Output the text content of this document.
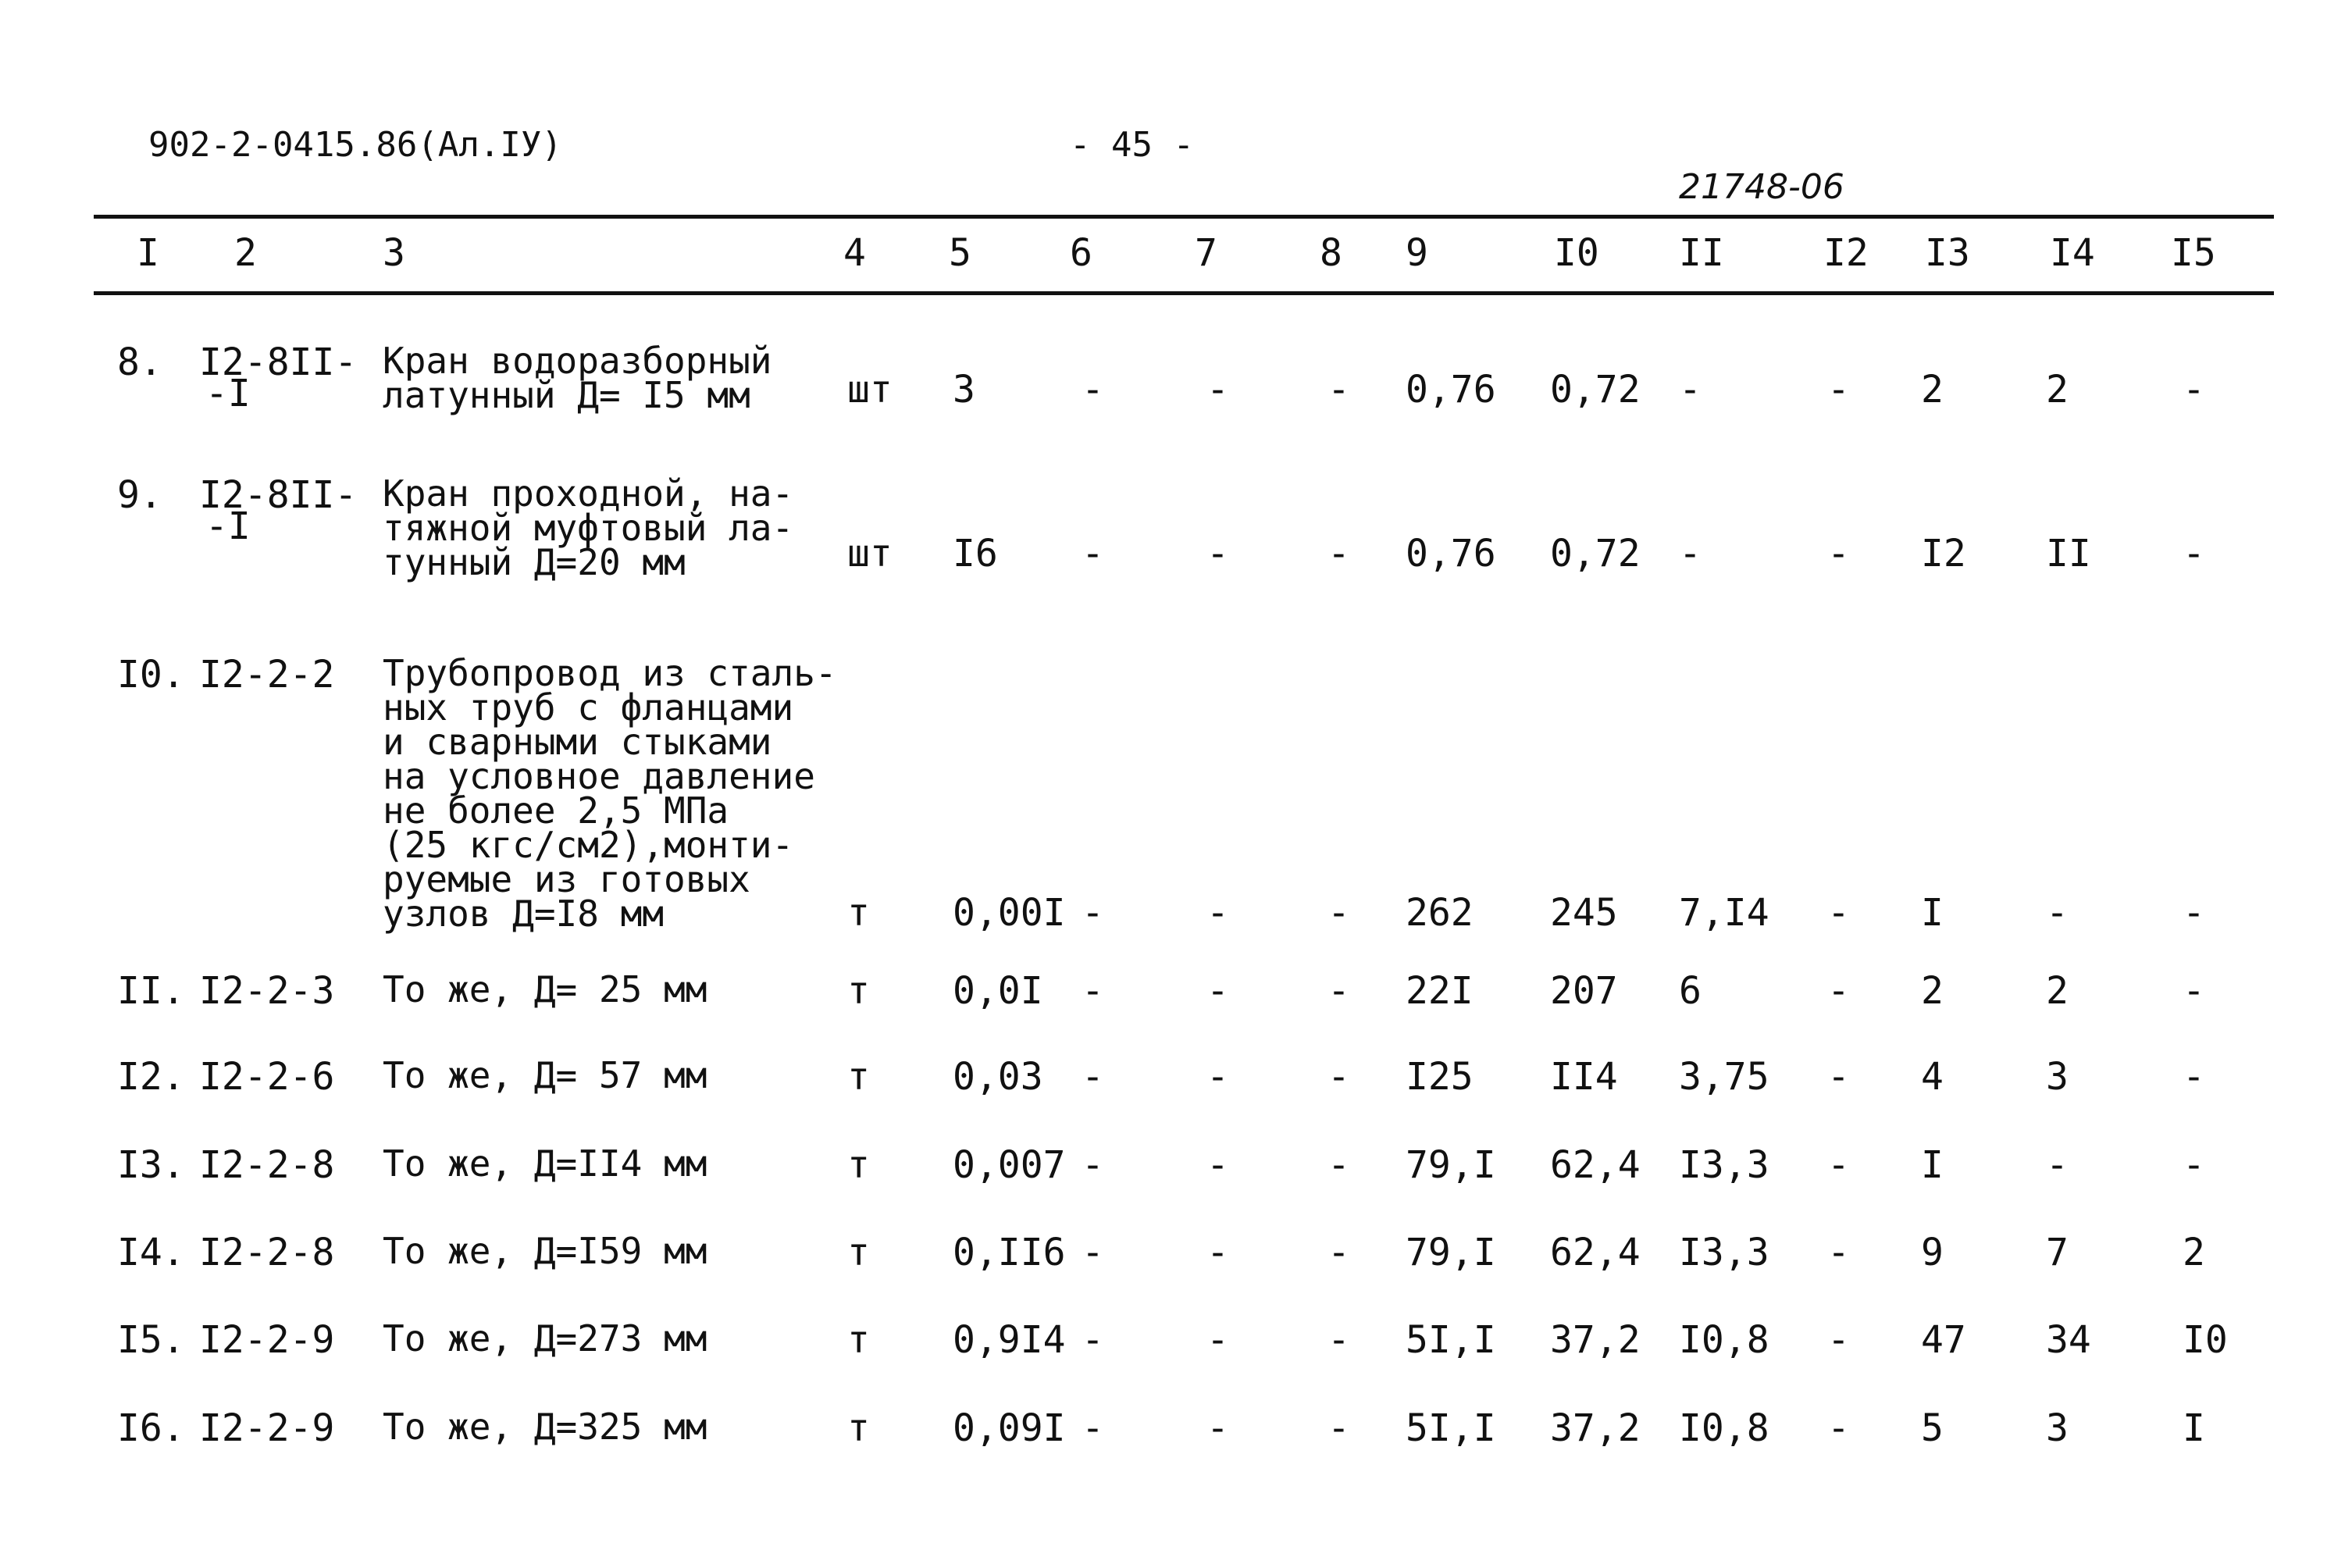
902-2-0415.86(Ал.IУ)	- 45 -
21748-06
I 2	3	4 5	6	7	8 9	I0 II	I2 I3 I4 I5
8. I2-8II-
-I
Кран водоразборный
латунный Д= I5 мм	шт 3	-	-	- 0,76 0,72 -	- 2	2	-
9. I2-8II-
-I
Кран проходной, на-
тяжной муфтовый ла-
тунный Д=20 мм	шт I6 -	-	- 0,76 0,72 -	- I2 II -
I0. I2-2-2 Трубопровод из сталь-
ных труб с фланцами
и сварными стыками
на условное давление
не более 2,5 МПа
(25 кгс/см2),монти-
руемые из готовых
узлов Д=I8 мм	т 0,00I -	-	- 262 245 7,I4 - I	-	-
II. I2-2-3 То же, Д= 25 мм	т 0,0I -	-	- 22I 207 6	- 2	2	-
I2. I2-2-6 То же, Д= 57 мм	т 0,03 -	-	- I25 II4 3,75 - 4	3	-
I3. I2-2-8 То же, Д=II4 мм	т 0,007 -	-	- 79,I 62,4 I3,3 - I	-	-
I4. I2-2-8 То же, Д=I59 мм	т 0,II6 -	-	- 79,I 62,4 I3,3 - 9	7	2
I5. I2-2-9 То же, Д=273 мм	т 0,9I4 -	-	- 5I,I 37,2 I0,8 - 47 34 I0
I6. I2-2-9 То же, Д=325 мм	т 0,09I -	-	- 5I,I 37,2 I0,8 - 5	3	I
